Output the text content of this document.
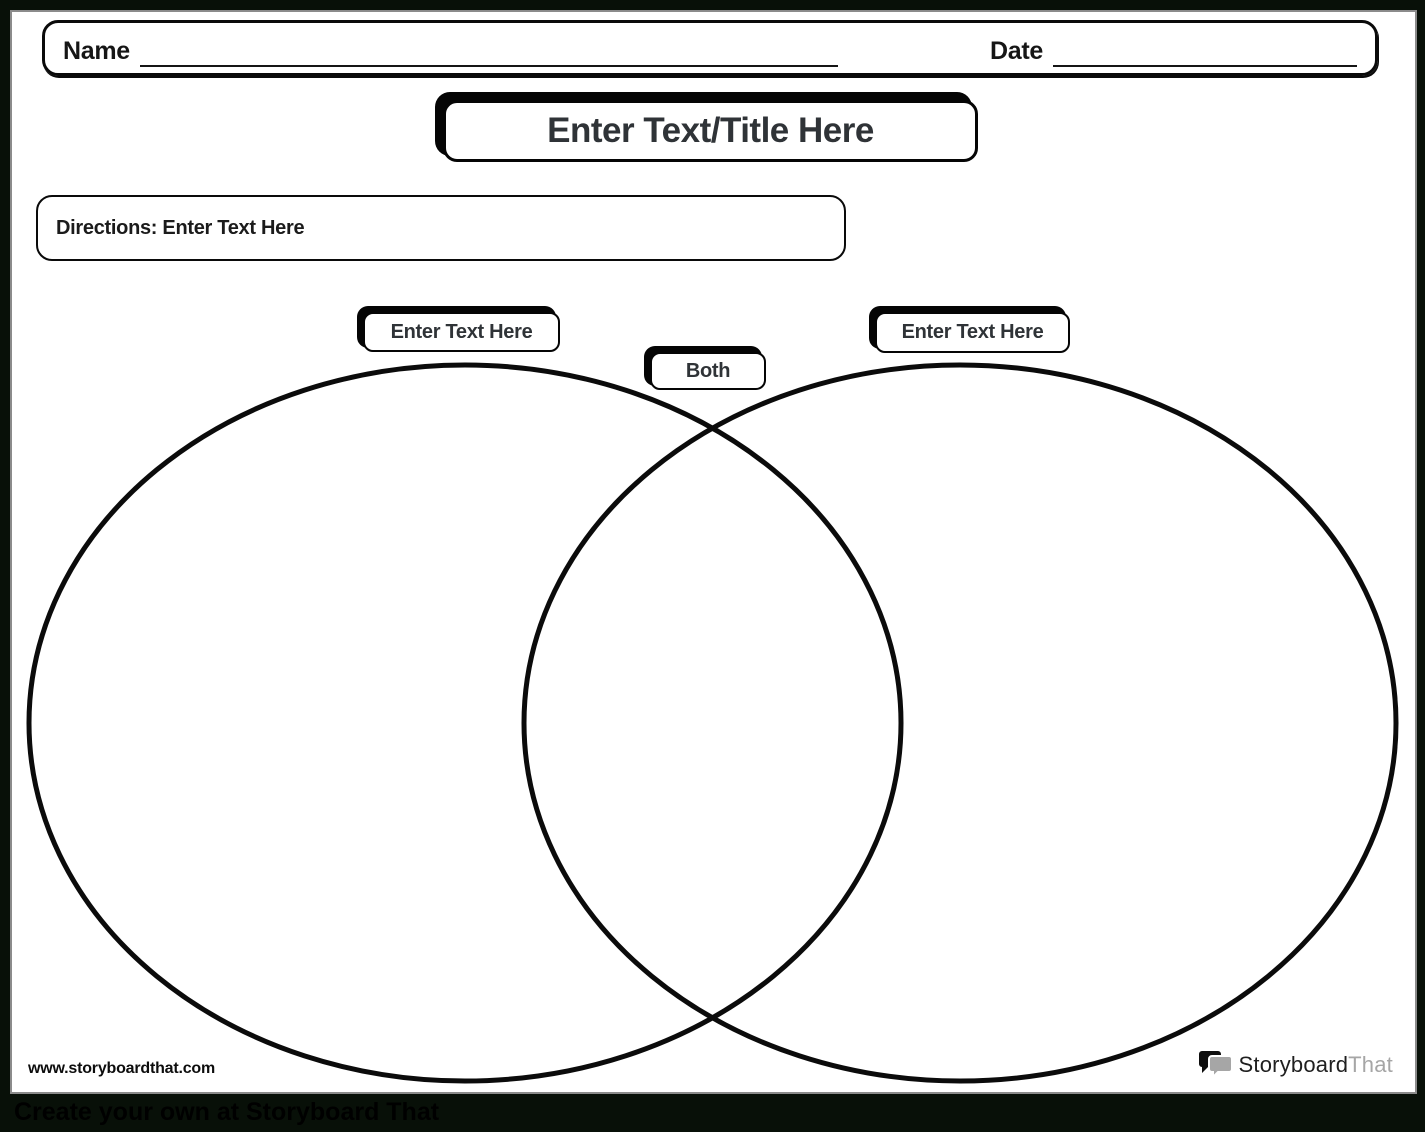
Name	Date
Enter Text/Title Here
Directions: Enter Text Here
Enter Text Here
Both
Enter Text Here
www.storyboardthat.com	StoryboardThat
Create your own at Storyboard That
